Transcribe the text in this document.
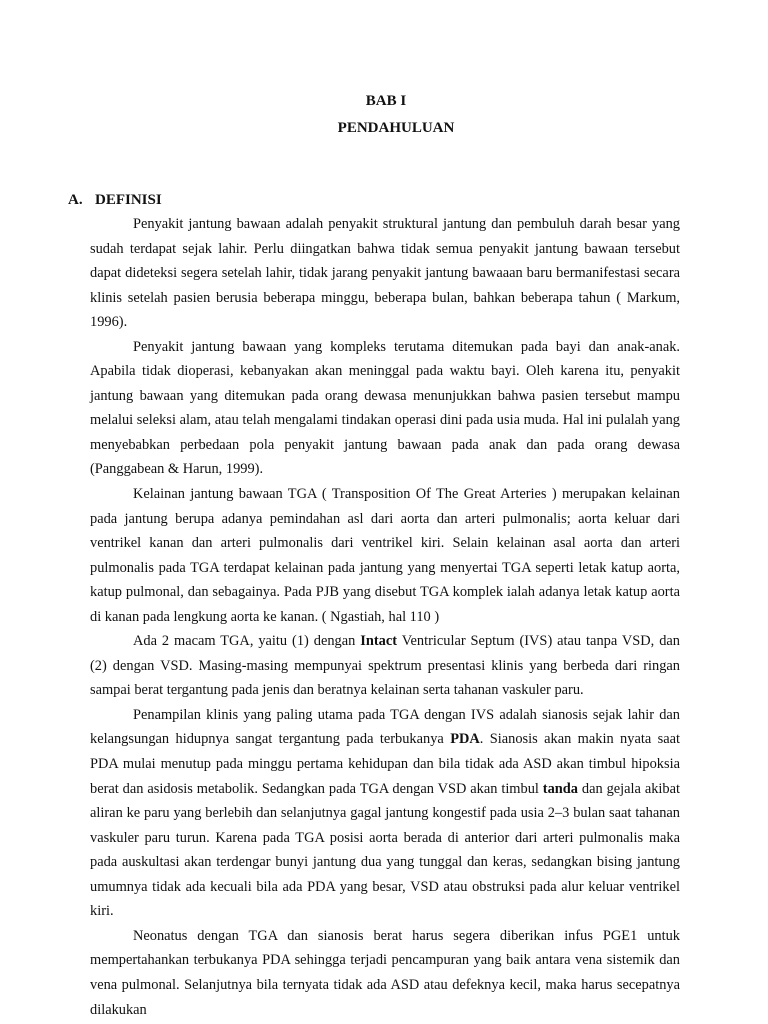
BAB I
PENDAHULUAN
A. DEFINISI

Penyakit jantung bawaan adalah penyakit struktural jantung dan pembuluh darah besar yang sudah terdapat sejak lahir. Perlu diingatkan bahwa tidak semua penyakit jantung bawaan tersebut dapat dideteksi segera setelah lahir, tidak jarang penyakit jantung bawaaan baru bermanifestasi secara klinis setelah pasien berusia beberapa minggu, beberapa bulan, bahkan beberapa tahun ( Markum, 1996).

Penyakit jantung bawaan yang kompleks terutama ditemukan pada bayi dan anak-anak. Apabila tidak dioperasi, kebanyakan akan meninggal pada waktu bayi. Oleh karena itu, penyakit jantung bawaan yang ditemukan pada orang dewasa menunjukkan bahwa pasien tersebut mampu melalui seleksi alam, atau telah mengalami tindakan operasi dini pada usia muda. Hal ini pulalah yang menyebabkan perbedaan pola penyakit jantung bawaan pada anak dan pada orang dewasa (Panggabean & Harun, 1999).

Kelainan jantung bawaan TGA ( Transposition Of The Great Arteries ) merupakan kelainan pada jantung berupa adanya pemindahan asl dari aorta dan arteri pulmonalis; aorta keluar dari ventrikel kanan dan arteri pulmonalis dari ventrikel kiri. Selain kelainan asal aorta dan arteri pulmonalis pada TGA terdapat kelainan pada jantung yang menyertai TGA seperti letak katup aorta, katup pulmonal, dan sebagainya. Pada PJB yang disebut TGA komplek ialah adanya letak katup aorta di kanan pada lengkung aorta ke kanan. ( Ngastiah, hal 110 )

Ada 2 macam TGA, yaitu (1) dengan Intact Ventricular Septum (IVS) atau tanpa VSD, dan (2) dengan VSD. Masing-masing mempunyai spektrum presentasi klinis yang berbeda dari ringan sampai berat tergantung pada jenis dan beratnya kelainan serta tahanan vaskuler paru.

Penampilan klinis yang paling utama pada TGA dengan IVS adalah sianosis sejak lahir dan kelangsungan hidupnya sangat tergantung pada terbukanya PDA. Sianosis akan makin nyata saat PDA mulai menutup pada minggu pertama kehidupan dan bila tidak ada ASD akan timbul hipoksia berat dan asidosis metabolik. Sedangkan pada TGA dengan VSD akan timbul tanda dan gejala akibat aliran ke paru yang berlebih dan selanjutnya gagal jantung kongestif pada usia 2–3 bulan saat tahanan vaskuler paru turun. Karena pada TGA posisi aorta berada di anterior dari arteri pulmonalis maka pada auskultasi akan terdengar bunyi jantung dua yang tunggal dan keras, sedangkan bising jantung umumnya tidak ada kecuali bila ada PDA yang besar, VSD atau obstruksi pada alur keluar ventrikel kiri.

Neonatus dengan TGA dan sianosis berat harus segera diberikan infus PGE1 untuk mempertahankan terbukanya PDA sehingga terjadi pencampuran yang baik antara vena sistemik dan vena pulmonal. Selanjutnya bila ternyata tidak ada ASD atau defeknya kecil, maka harus secepatnya dilakukan
